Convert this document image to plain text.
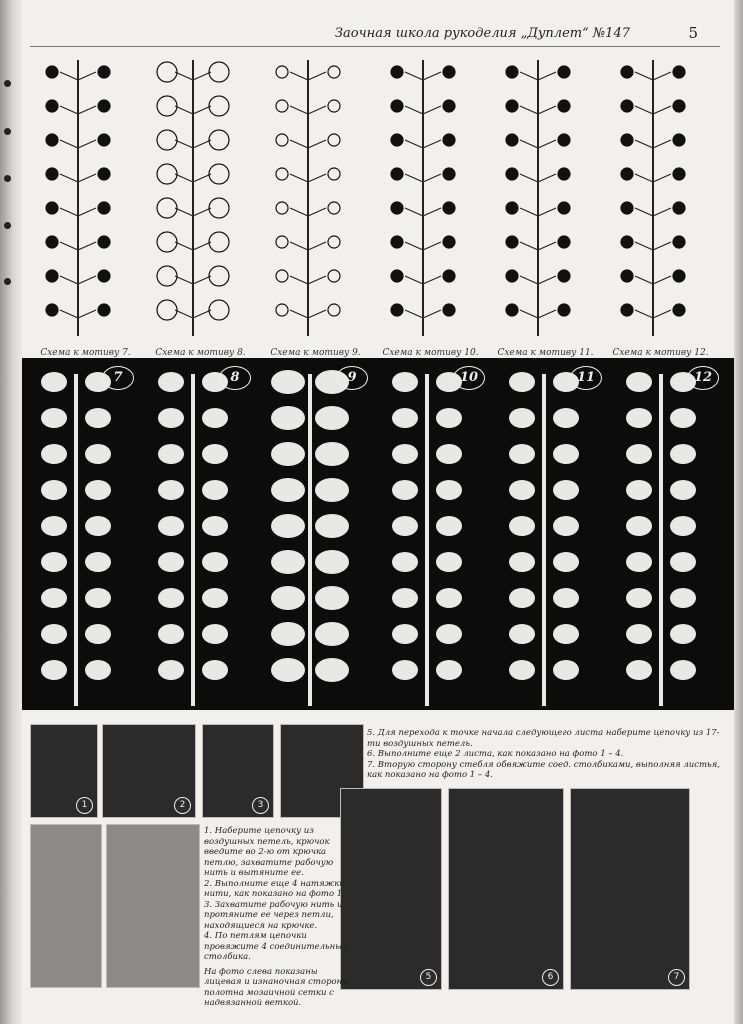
Заочная школа рукоделия „Дуплет“ №147	5
Схема к мотиву 7.	Схема к мотиву 8.	Схема к мотиву 9.	Схема к мотиву 10.	Схема к мотиву 11.	Схема к мотиву 12.
7	8	9	10	11	12
1	2	3
5	6	7

5. Для перехода к точке начала следующего листа наберите цепочку из 17-ти воздушных петель.

6. Выполните еще 2 листа, как показано на фото 1 – 4.

7. Вторую сторону стебля обвяжите соед. столбиками, выполняя листья, как показано на фото 1 – 4.

1. Наберите цепочку из воздушных петель, крючок введите во 2-ю от крючка петлю, захватите рабочую нить и вытяните ее.

2. Выполните еще 4 натяжки нити, как показано на фото 1.

3. Захватите рабочую нить и протяните ее через петли, находящиеся на крючке.

4. По петлям цепочки провяжите 4 соединительных столбика.

На фото слева показаны лицевая и изнаночная стороны полотна мозаичной сетки с надвязанной веткой.
